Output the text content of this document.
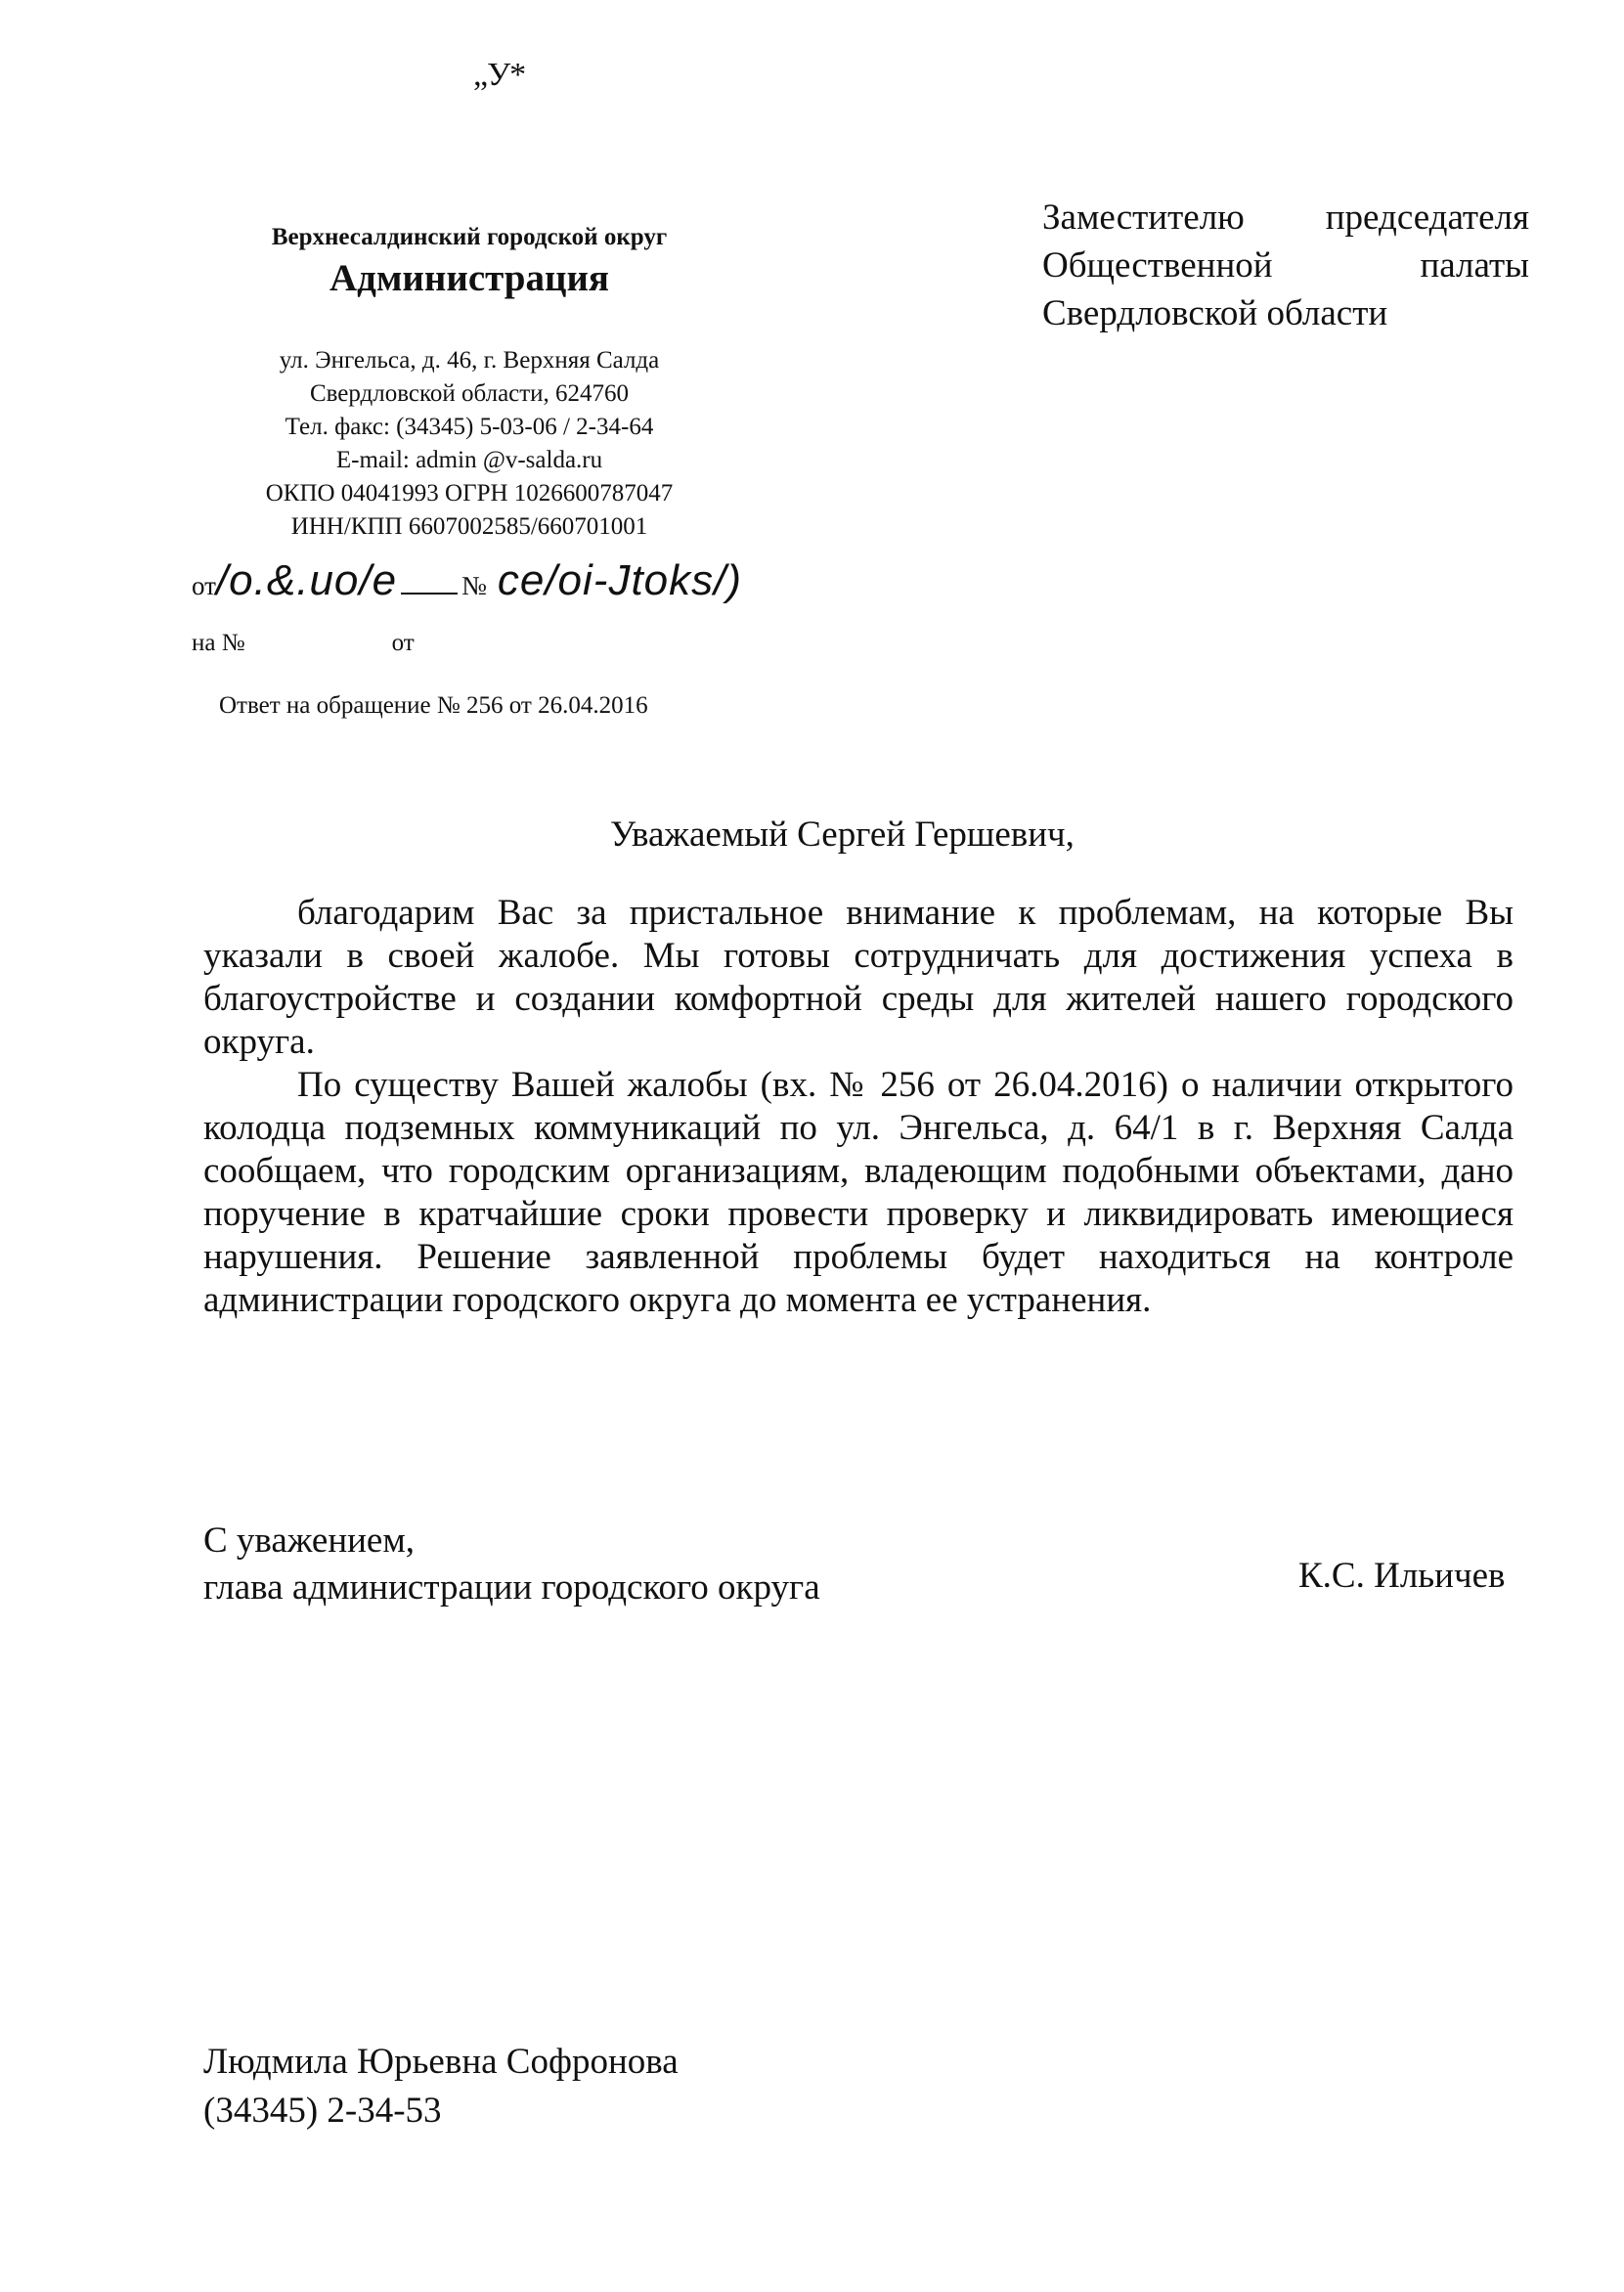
„У*
Заместителю председателя
Общественной палаты
Свердловской области
Верхнесалдинский городской округ
Администрация
ул. Энгельса, д. 46, г. Верхняя Салда
Свердловской области, 624760
Тел. факс: (34345) 5-03-06 / 2-34-64
E-mail: admin @v-salda.ru
ОКПО 04041993 ОГРН 1026600787047
ИНН/КПП 6607002585/660701001
от/о.&.ио/е № се/оі-Jtoks/)
на №	от
Ответ на обращение № 256 от 26.04.2016
Уважаемый Сергей Гершевич,

благодарим Вас за пристальное внимание к проблемам, на которые Вы указали в своей жалобе. Мы готовы сотрудничать для достижения успеха в благоустройстве и создании комфортной среды для жителей нашего городского округа.

По существу Вашей жалобы (вх. № 256 от 26.04.2016) о наличии открытого колодца подземных коммуникаций по ул. Энгельса, д. 64/1 в г. Верхняя Салда сообщаем, что городским организациям, владеющим подобными объектами, дано поручение в кратчайшие сроки провести проверку и ликвидировать имеющиеся нарушения. Решение заявленной проблемы будет находиться на контроле администрации городского округа до момента ее устранения.

С уважением,
глава администрации городского округа	К.С. Ильичев
Людмила Юрьевна Софронова
(34345) 2-34-53
